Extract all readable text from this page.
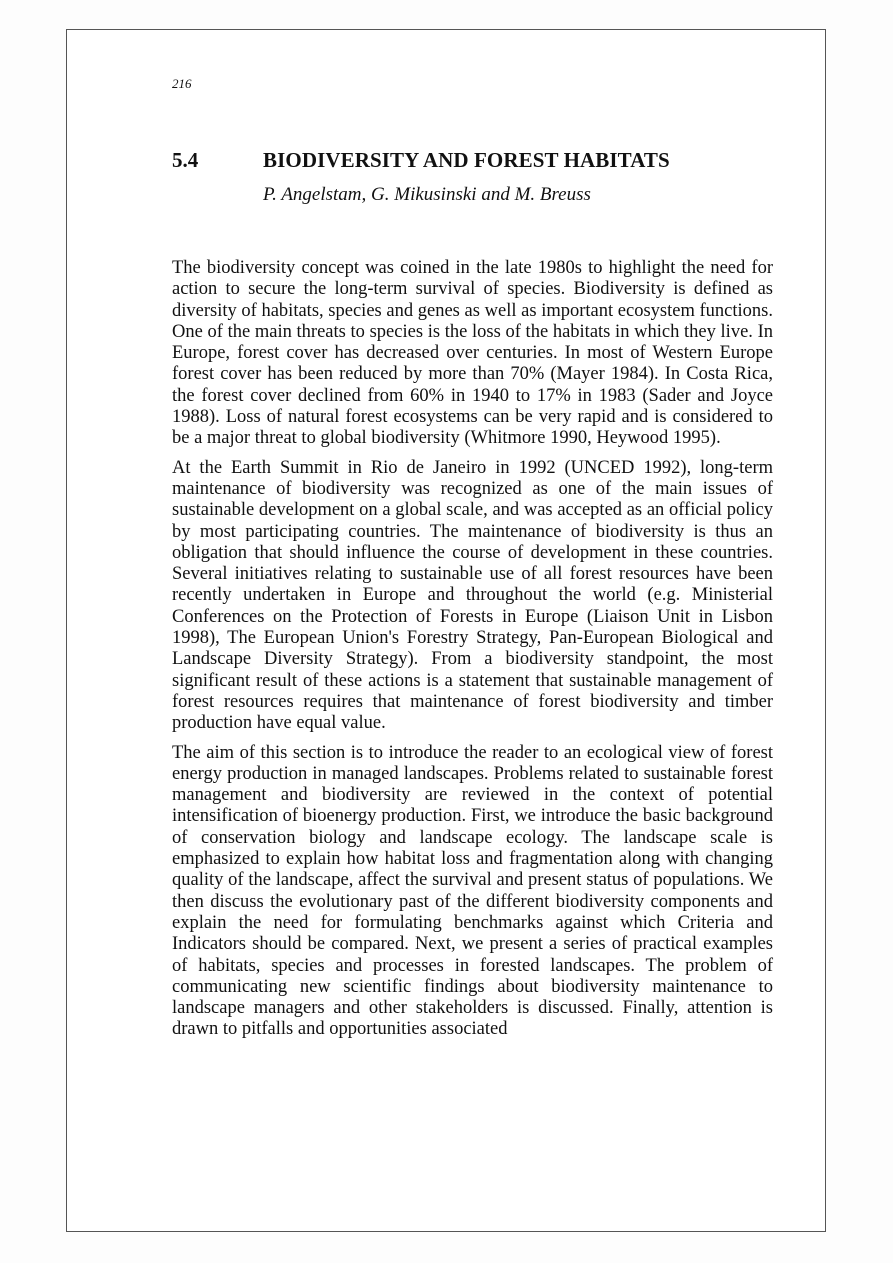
216
5.4	BIODIVERSITY AND FOREST HABITATS
P. Angelstam, G. Mikusinski and M. Breuss

The biodiversity concept was coined in the late 1980s to highlight the need for action to secure the long-term survival of species. Biodiversity is defined as diversity of habitats, species and genes as well as important ecosystem functions. One of the main threats to species is the loss of the habitats in which they live. In Europe, forest cover has decreased over centuries. In most of Western Europe forest cover has been reduced by more than 70% (Mayer 1984). In Costa Rica, the forest cover declined from 60% in 1940 to 17% in 1983 (Sader and Joyce 1988). Loss of natural forest ecosystems can be very rapid and is considered to be a major threat to global biodiversity (Whitmore 1990, Heywood 1995).

At the Earth Summit in Rio de Janeiro in 1992 (UNCED 1992), long-term maintenance of biodiversity was recognized as one of the main issues of sustainable development on a global scale, and was accepted as an official policy by most participating countries. The maintenance of biodiversity is thus an obligation that should influence the course of development in these countries. Several initiatives relating to sustainable use of all forest resources have been recently undertaken in Europe and throughout the world (e.g. Ministerial Conferences on the Protection of Forests in Europe (Liaison Unit in Lisbon 1998), The European Union's Forestry Strategy, Pan-European Biological and Landscape Diversity Strategy). From a biodiversity standpoint, the most significant result of these actions is a statement that sustainable management of forest resources requires that maintenance of forest biodiversity and timber production have equal value.

The aim of this section is to introduce the reader to an ecological view of forest energy production in managed landscapes. Problems related to sustainable forest management and biodiversity are reviewed in the context of potential intensification of bioenergy production. First, we introduce the basic background of conservation biology and landscape ecology. The landscape scale is emphasized to explain how habitat loss and fragmentation along with changing quality of the landscape, affect the survival and present status of populations. We then discuss the evolutionary past of the different biodiversity components and explain the need for formulating benchmarks against which Criteria and Indicators should be compared. Next, we present a series of practical examples of habitats, species and processes in forested landscapes. The problem of communicating new scientific findings about biodiversity maintenance to landscape managers and other stakeholders is discussed. Finally, attention is drawn to pitfalls and opportunities associated
